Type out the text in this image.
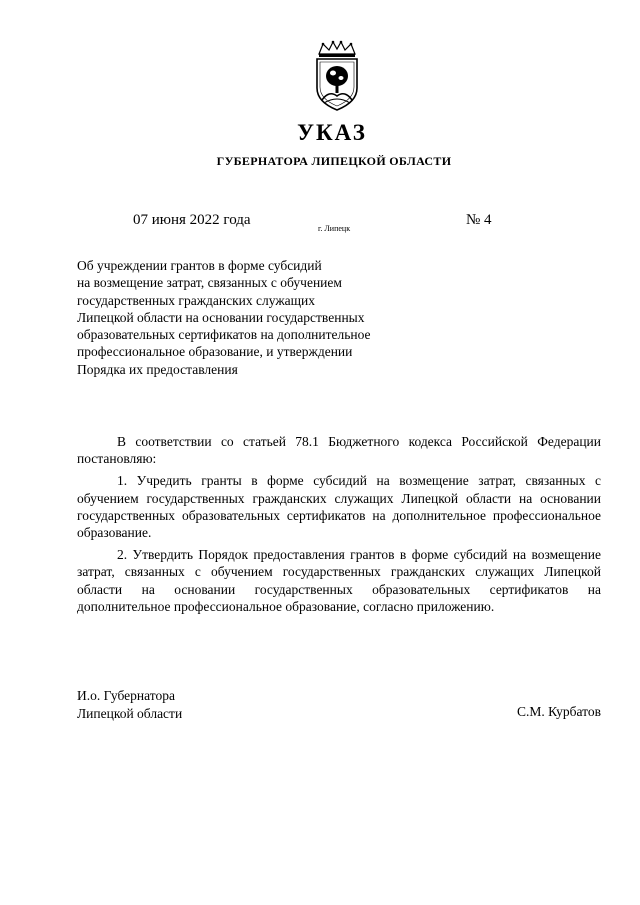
УКАЗ
ГУБЕРНАТОРА ЛИПЕЦКОЙ ОБЛАСТИ
07 июня 2022 года
г. Липецк
№ 4
Об учреждении грантов в форме субсидий
на возмещение затрат, связанных с обучением
государственных гражданских служащих
Липецкой области на основании государственных
образовательных сертификатов на дополнительное
профессиональное образование, и утверждении
Порядка их предоставления

В соответствии со статьей 78.1 Бюджетного кодекса Российской Федерации постановляю:

1. Учредить гранты в форме субсидий на возмещение затрат, связанных с обучением государственных гражданских служащих Липецкой области на основании государственных образовательных сертификатов на дополнительное профессиональное образование.

2. Утвердить Порядок предоставления грантов в форме субсидий на возмещение затрат, связанных с обучением государственных гражданских служащих Липецкой области на основании государственных образовательных сертификатов на дополнительное профессиональное образование, согласно приложению.

И.о. Губернатора
Липецкой области	С.М. Курбатов
